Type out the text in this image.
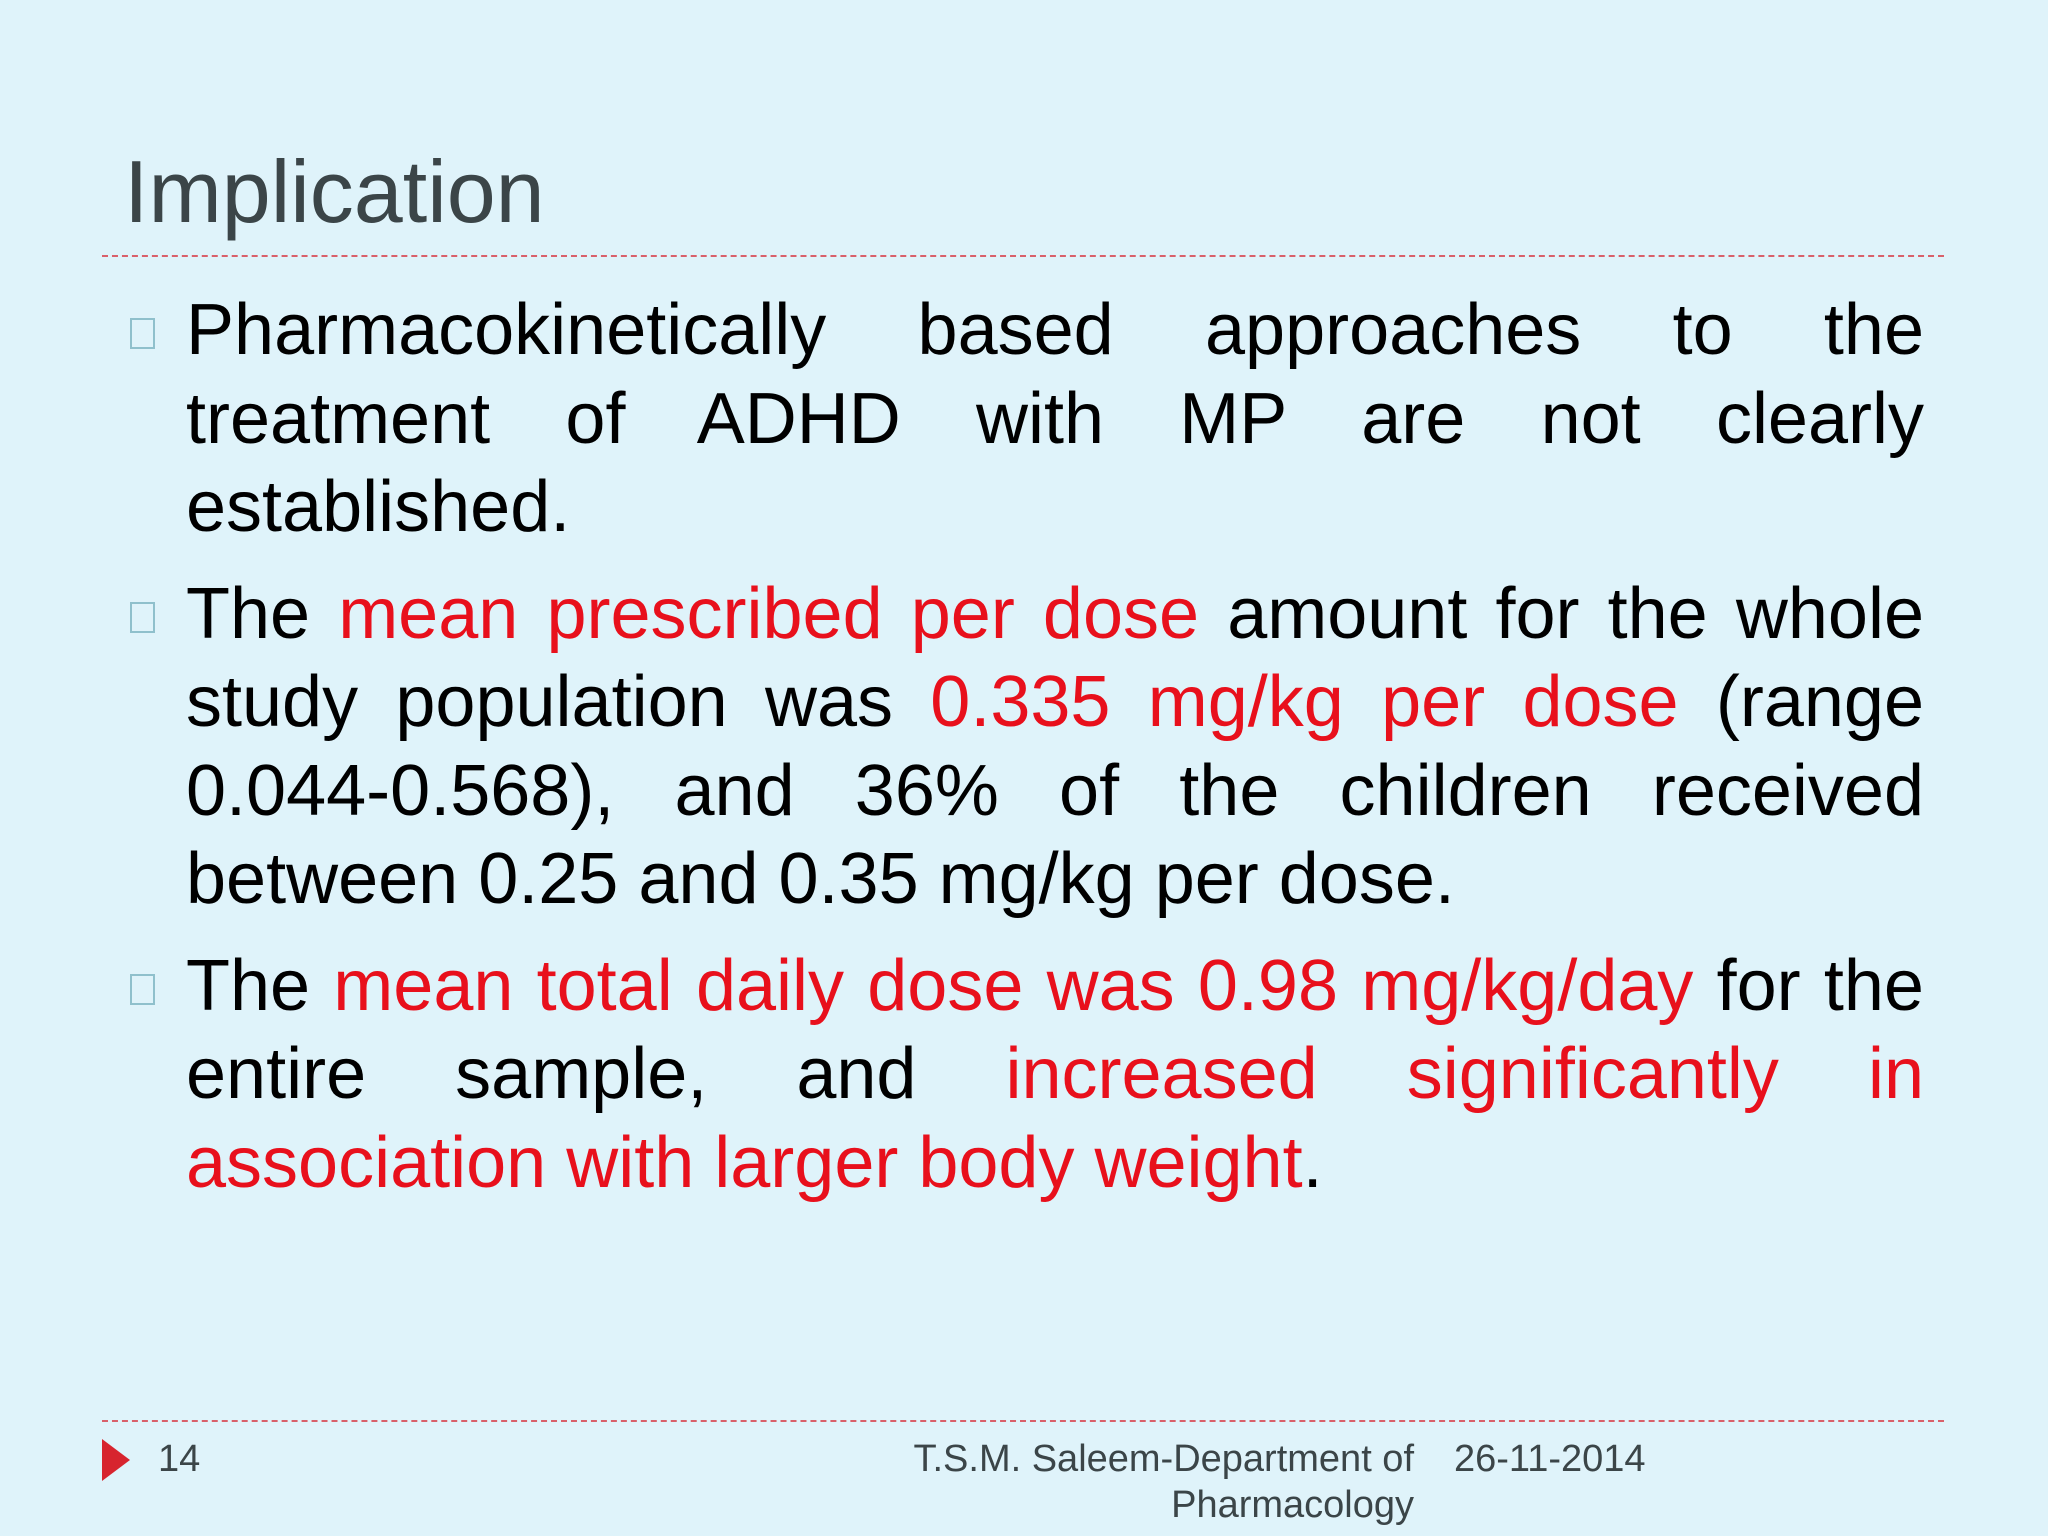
Implication
Pharmacokinetically based approaches to the treatment of ADHD with MP are not clearly established.
The mean prescribed per dose amount for the whole study population was 0.335 mg/kg per dose (range 0.044-0.568), and 36% of the children received between 0.25 and 0.35 mg/kg per dose.
The mean total daily dose was 0.98 mg/kg/day for the entire sample, and increased significantly in association with larger body weight.
14	T.S.M. Saleem-Department of Pharmacology
26-11-2014
